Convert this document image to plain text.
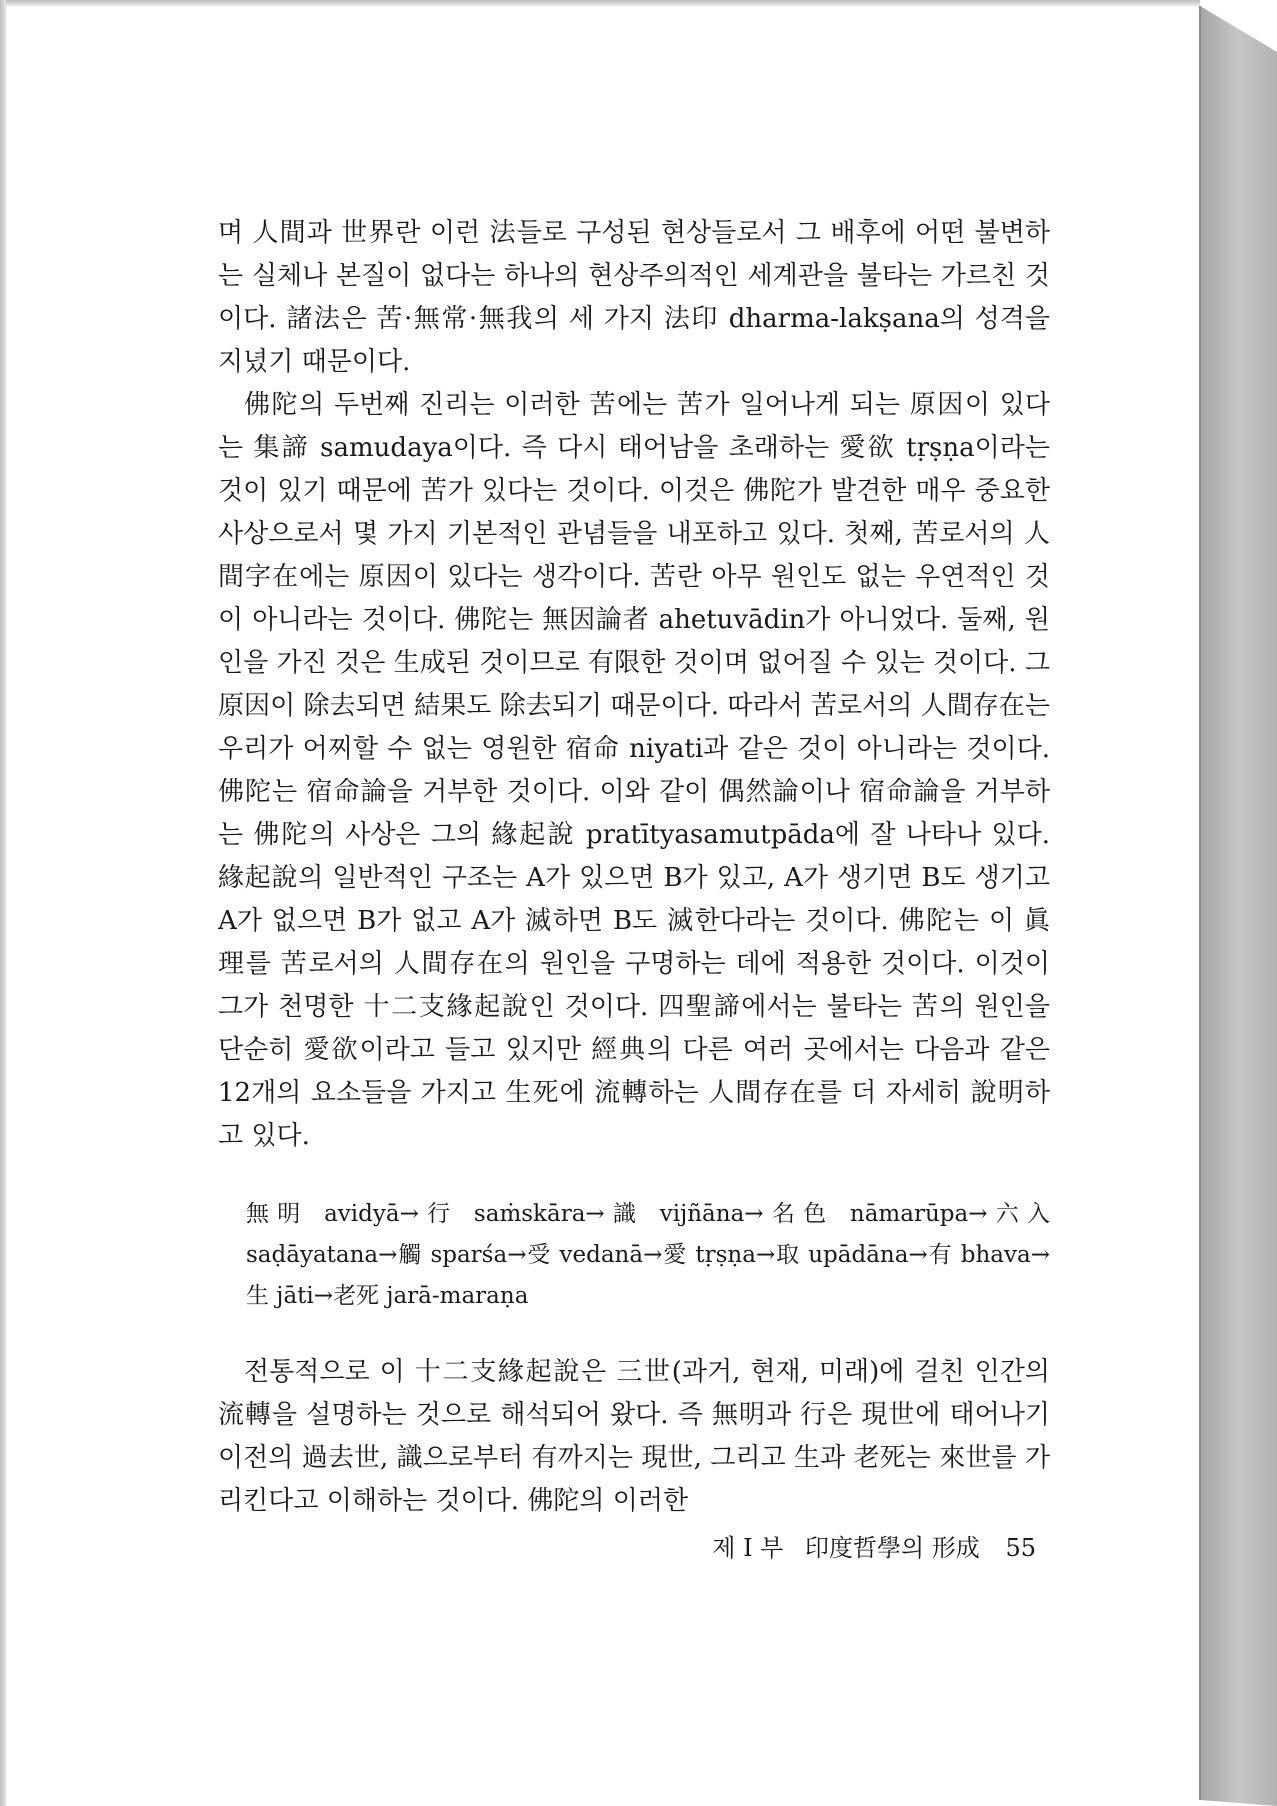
며 人間과 世界란 이런 法들로 구성된 현상들로서 그 배후에 어떤 불변하는 실체나 본질이 없다는 하나의 현상주의적인 세계관을 불타는 가르친 것이다. 諸法은 苦·無常·無我의 세 가지 法印 dharma-lakṣana의 성격을 지녔기 때문이다.

佛陀의 두번째 진리는 이러한 苦에는 苦가 일어나게 되는 原因이 있다는 集諦 samudaya이다. 즉 다시 태어남을 초래하는 愛欲 tṛṣṇa이라는 것이 있기 때문에 苦가 있다는 것이다. 이것은 佛陀가 발견한 매우 중요한 사상으로서 몇 가지 기본적인 관념들을 내포하고 있다. 첫째, 苦로서의 人間字在에는 原因이 있다는 생각이다. 苦란 아무 원인도 없는 우연적인 것이 아니라는 것이다. 佛陀는 無因論者 ahetuvādin가 아니었다. 둘째, 원인을 가진 것은 生成된 것이므로 有限한 것이며 없어질 수 있는 것이다. 그 原因이 除去되면 結果도 除去되기 때문이다. 따라서 苦로서의 人間存在는 우리가 어찌할 수 없는 영원한 宿命 niyati과 같은 것이 아니라는 것이다. 佛陀는 宿命論을 거부한 것이다. 이와 같이 偶然論이나 宿命論을 거부하는 佛陀의 사상은 그의 緣起說 pratītyasamutpāda에 잘 나타나 있다. 緣起說의 일반적인 구조는 A가 있으면 B가 있고, A가 생기면 B도 생기고 A가 없으면 B가 없고 A가 滅하면 B도 滅한다라는 것이다. 佛陀는 이 眞理를 苦로서의 人間存在의 원인을 구명하는 데에 적용한 것이다. 이것이 그가 천명한 十二支緣起說인 것이다. 四聖諦에서는 불타는 苦의 원인을 단순히 愛欲이라고 들고 있지만 經典의 다른 여러 곳에서는 다음과 같은 12개의 요소들을 가지고 生死에 流轉하는 人間存在를 더 자세히 說明하고 있다.

無明 avidyā→行 saṁskāra→識 vijñāna→名色 nāmarūpa→六入 saḍāyatana→觸 sparśa→受 vedanā→愛 tṛṣṇa→取 upādāna→有 bhava→生 jāti→老死 jarā-maraṇa

전통적으로 이 十二支緣起說은 三世(과거, 현재, 미래)에 걸친 인간의 流轉을 설명하는 것으로 해석되어 왔다. 즉 無明과 行은 現世에 태어나기 이전의 過去世, 識으로부터 有까지는 現世, 그리고 生과 老死는 來世를 가리킨다고 이해하는 것이다. 佛陀의 이러한

제 I 부 印度哲學의 形成 55
